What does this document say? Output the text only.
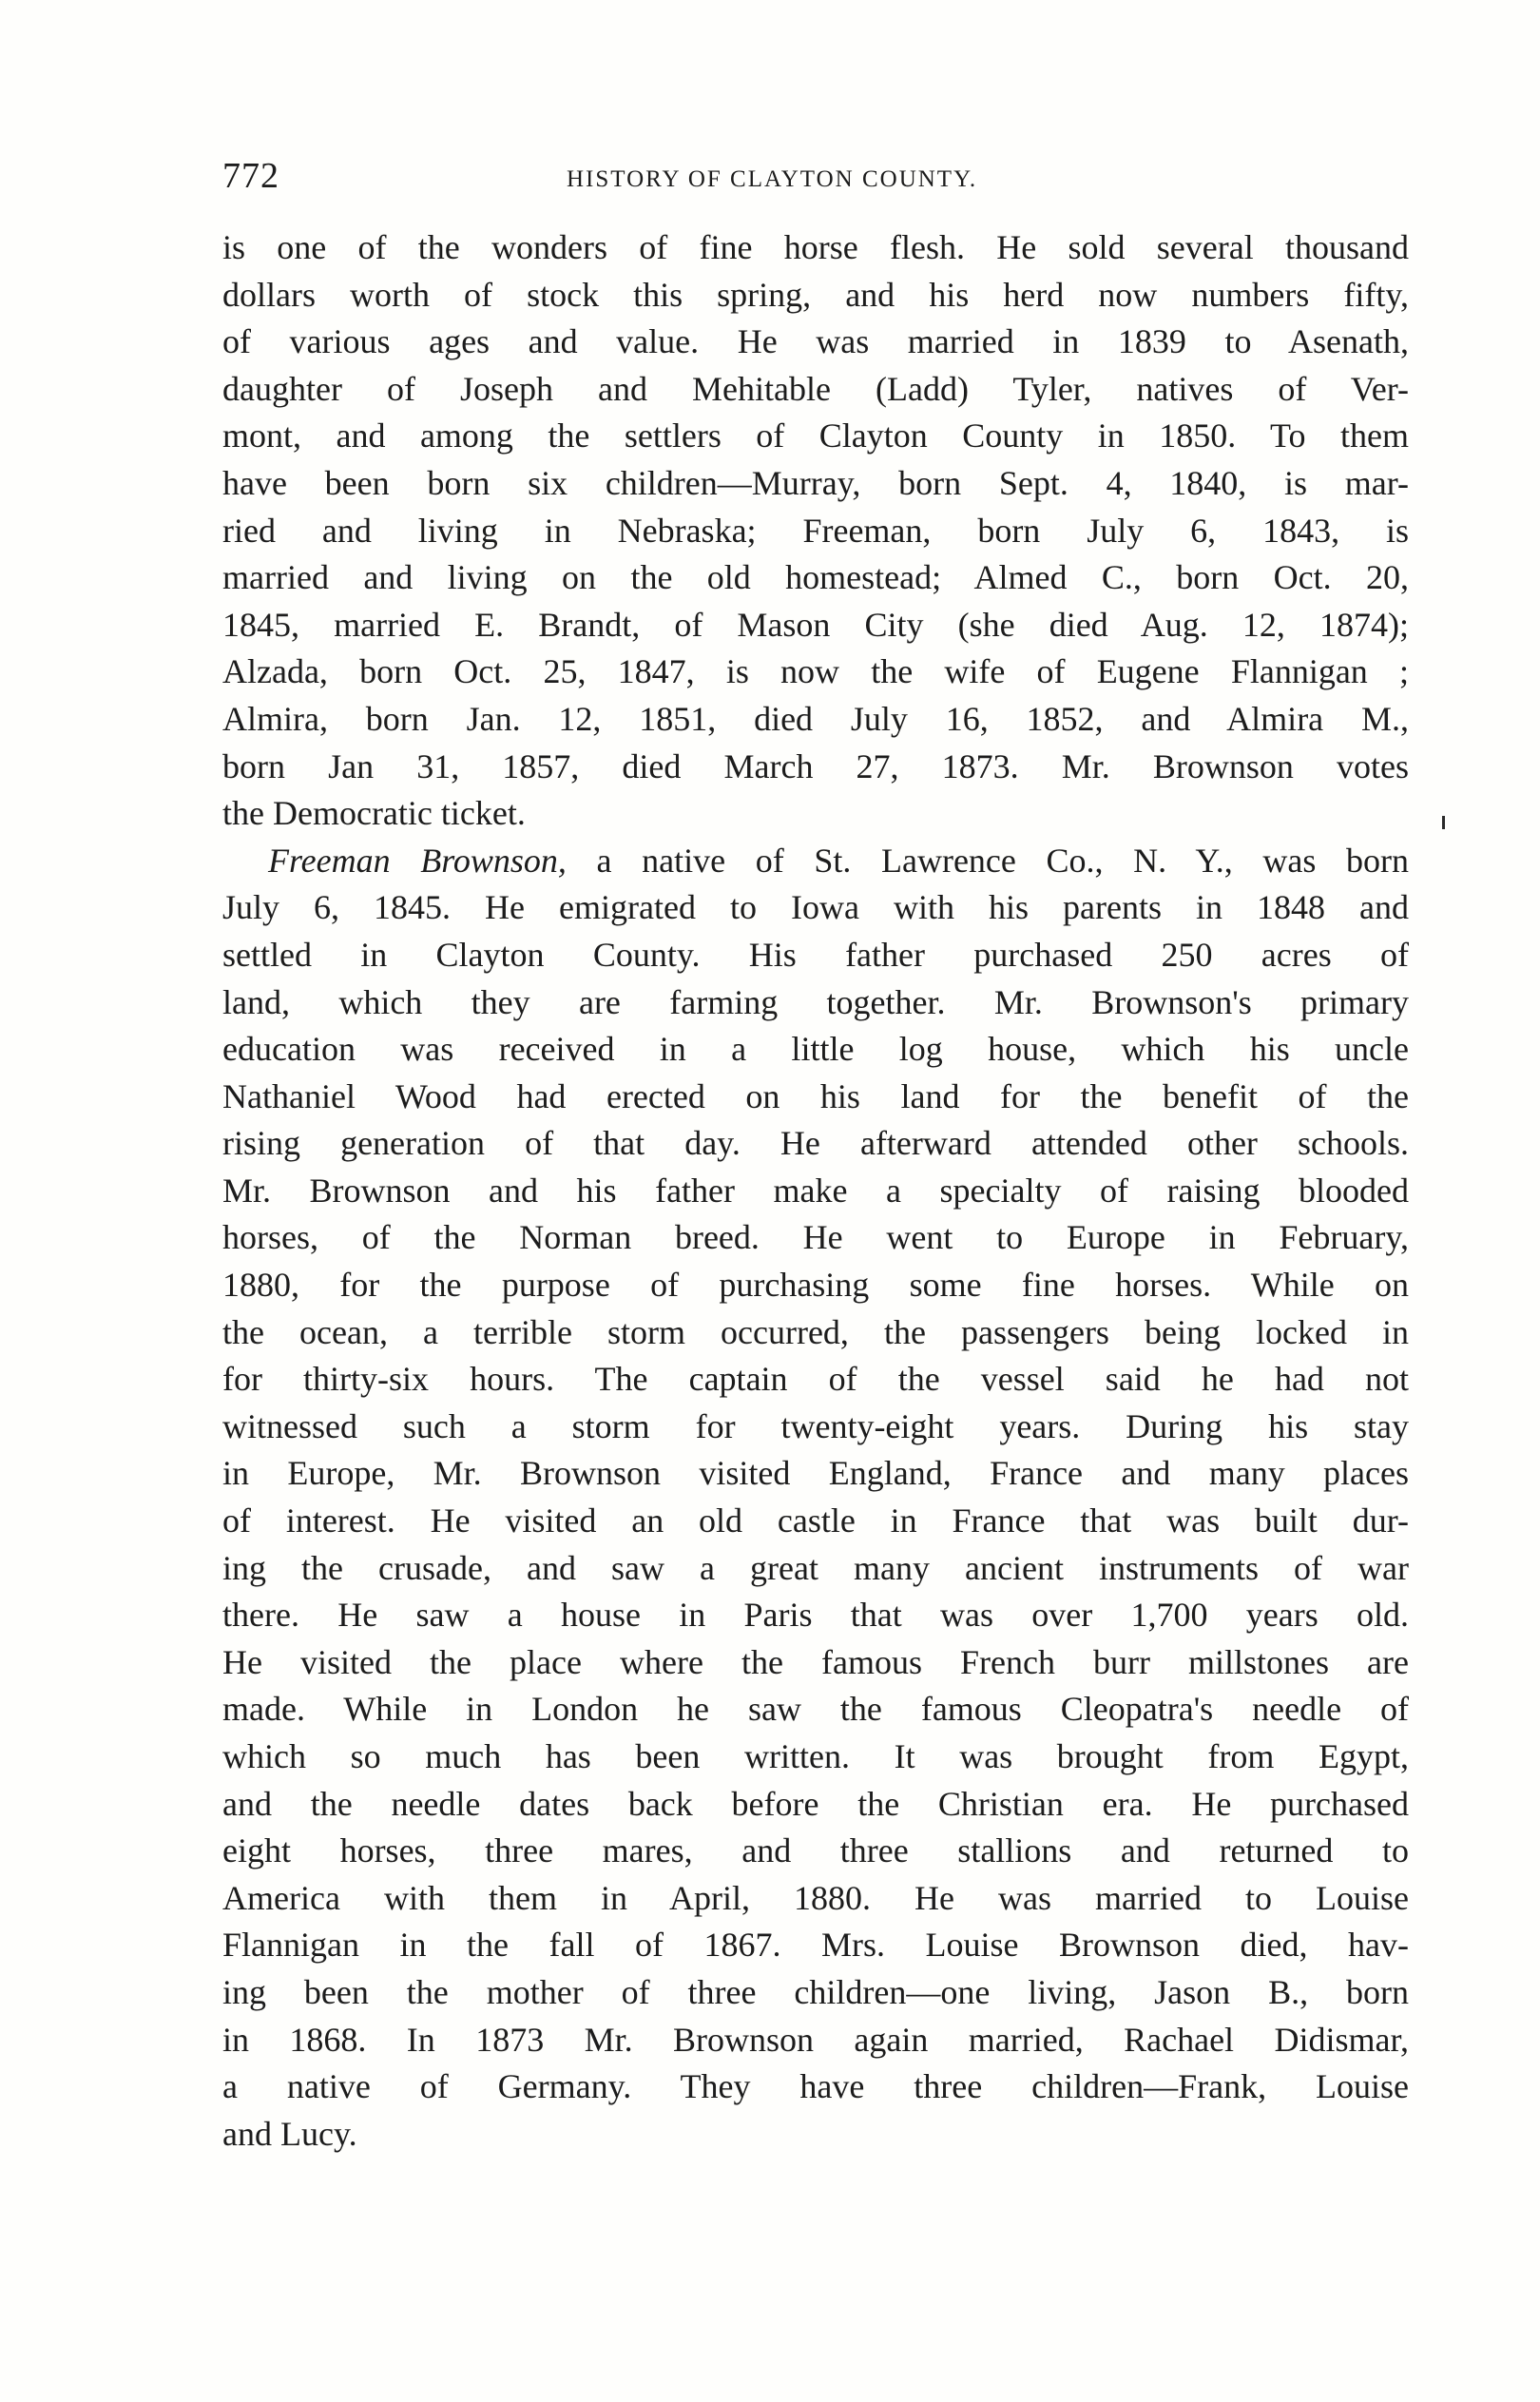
772	HISTORY OF CLAYTON COUNTY.
is one of the wonders of fine horse flesh. He sold several thousand
dollars worth of stock this spring, and his herd now numbers fifty,
of various ages and value. He was married in 1839 to Asenath,
daughter of Joseph and Mehitable (Ladd) Tyler, natives of Ver-
mont, and among the settlers of Clayton County in 1850. To them
have been born six children—Murray, born Sept. 4, 1840, is mar-
ried and living in Nebraska; Freeman, born July 6, 1843, is
married and living on the old homestead; Almed C., born Oct. 20,
1845, married E. Brandt, of Mason City (she died Aug. 12, 1874);
Alzada, born Oct. 25, 1847, is now the wife of Eugene Flannigan ;
Almira, born Jan. 12, 1851, died July 16, 1852, and Almira M.,
born Jan 31, 1857, died March 27, 1873. Mr. Brownson votes
the Democratic ticket.
Freeman Brownson, a native of St. Lawrence Co., N. Y., was born
July 6, 1845. He emigrated to Iowa with his parents in 1848 and
settled in Clayton County. His father purchased 250 acres of
land, which they are farming together. Mr. Brownson's primary
education was received in a little log house, which his uncle
Nathaniel Wood had erected on his land for the benefit of the
rising generation of that day. He afterward attended other schools.
Mr. Brownson and his father make a specialty of raising blooded
horses, of the Norman breed. He went to Europe in February,
1880, for the purpose of purchasing some fine horses. While on
the ocean, a terrible storm occurred, the passengers being locked in
for thirty-six hours. The captain of the vessel said he had not
witnessed such a storm for twenty-eight years. During his stay
in Europe, Mr. Brownson visited England, France and many places
of interest. He visited an old castle in France that was built dur-
ing the crusade, and saw a great many ancient instruments of war
there. He saw a house in Paris that was over 1,700 years old.
He visited the place where the famous French burr millstones are
made. While in London he saw the famous Cleopatra's needle of
which so much has been written. It was brought from Egypt,
and the needle dates back before the Christian era. He purchased
eight horses, three mares, and three stallions and returned to
America with them in April, 1880. He was married to Louise
Flannigan in the fall of 1867. Mrs. Louise Brownson died, hav-
ing been the mother of three children—one living, Jason B., born
in 1868. In 1873 Mr. Brownson again married, Rachael Didismar,
a native of Germany. They have three children—Frank, Louise
and Lucy.
